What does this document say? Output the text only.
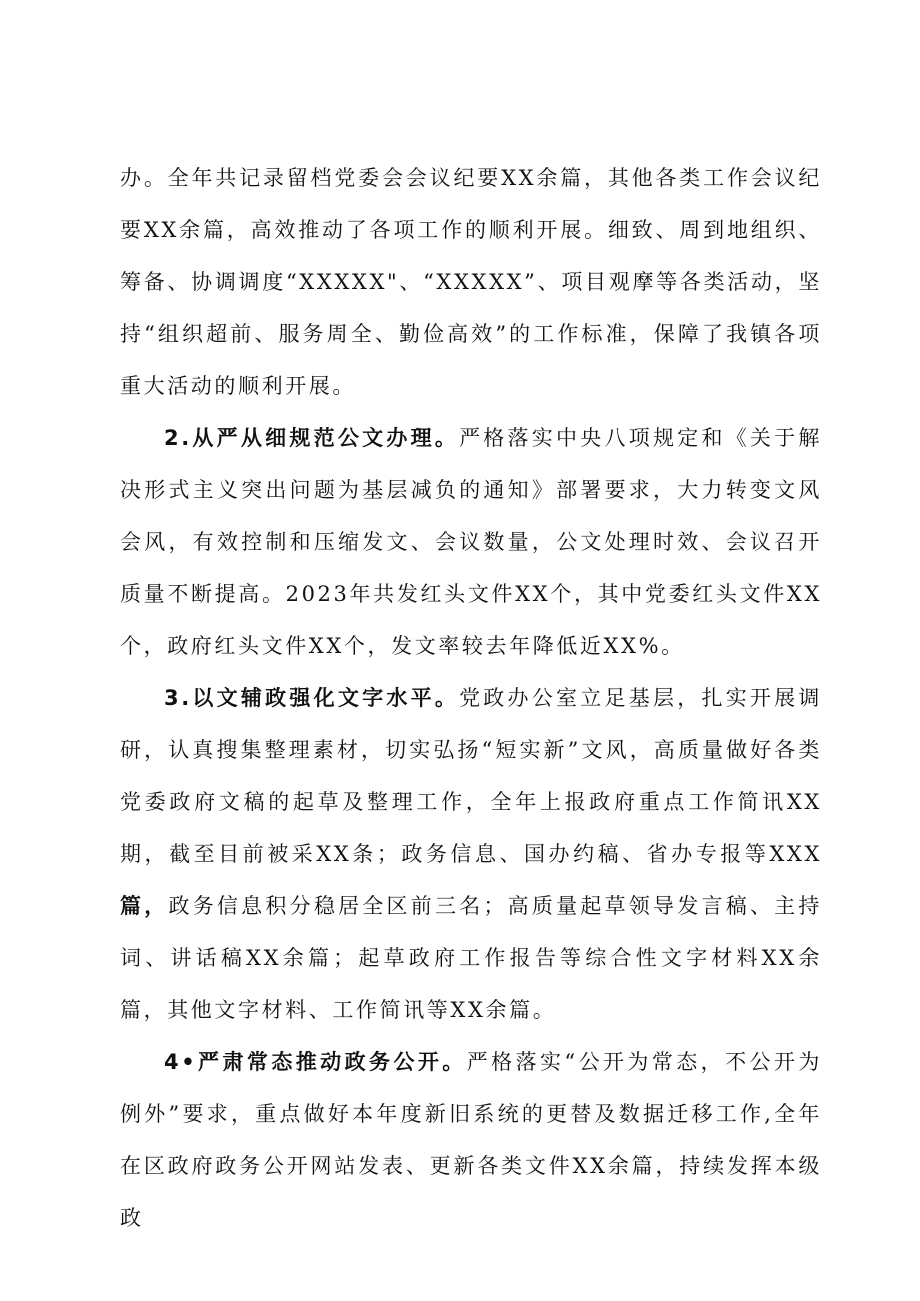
办。全年共记录留档党委会会议纪要XX余篇，其他各类工作会议纪要XX余篇，高效推动了各项工作的顺利开展。细致、周到地组织、筹备、协调调度“XXXXX"、“XXXXX”、项目观摩等各类活动，坚持“组织超前、服务周全、勤俭高效”的工作标准，保障了我镇各项重大活动的顺利开展。

2.从严从细规范公文办理。严格落实中央八项规定和《关于解决形式主义突出问题为基层减负的通知》部署要求，大力转变文风会风，有效控制和压缩发文、会议数量，公文处理时效、会议召开质量不断提高。2023年共发红头文件XX个，其中党委红头文件XX个，政府红头文件XX个，发文率较去年降低近XX%。

3.以文辅政强化文字水平。党政办公室立足基层，扎实开展调研，认真搜集整理素材，切实弘扬“短实新”文风，高质量做好各类党委政府文稿的起草及整理工作，全年上报政府重点工作简讯XX期，截至目前被采XX条；政务信息、国办约稿、省办专报等XXX篇，政务信息积分稳居全区前三名；高质量起草领导发言稿、主持词、讲话稿XX余篇；起草政府工作报告等综合性文字材料XX余篇，其他文字材料、工作简讯等XX余篇。

4•严肃常态推动政务公开。严格落实“公开为常态，不公开为例外”要求，重点做好本年度新旧系统的更替及数据迁移工作,全年在区政府政务公开网站发表、更新各类文件XX余篇，持续发挥本级政
